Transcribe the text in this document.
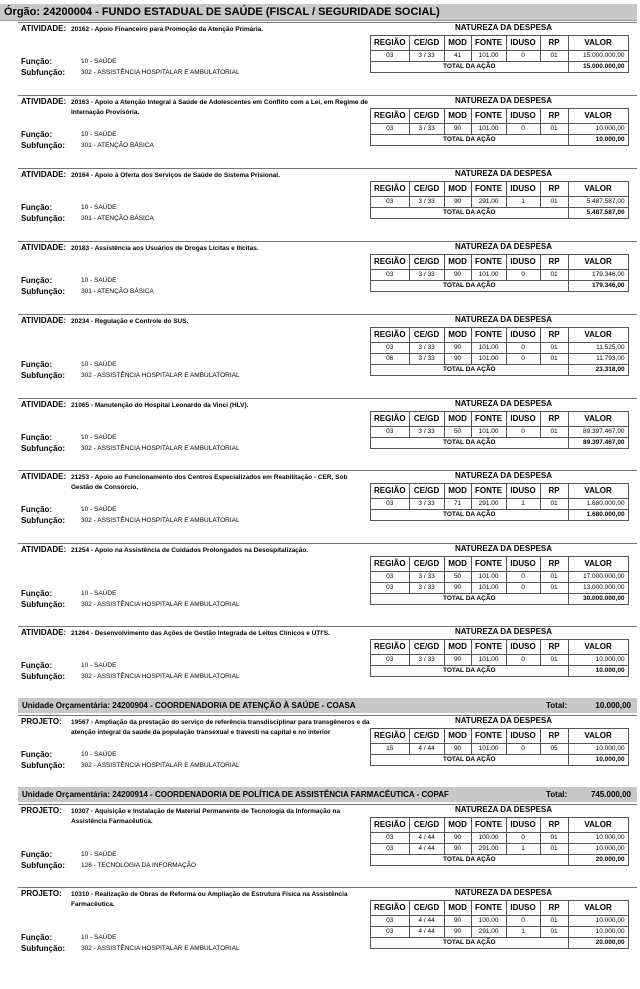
Órgão: 24200004 - FUNDO ESTADUAL DE SAÚDE (FISCAL / SEGURIDADE SOCIAL)
ATIVIDADE: 20162 - Apoio Financeiro para Promoção da Atenção Primária.	NATUREZA DA DESPESA
REGIÃO	CE/GD	MOD	FONTE	IDUSO	RP	VALOR
03	3 / 33	41	101.00	0	01	15.000.000,00
TOTAL DA AÇÃO						15.000.000,00
Função:	10 - SAÚDE
Subfunção: 302 - ASSISTÊNCIA HOSPITALAR E AMBULATORIAL
ATIVIDADE: 20163 - Apoio a Atenção Integral à Saúde de Adolescentes em Conflito com a Lei, em Regime de Internação Provisória.
NATUREZA DA DESPESA
REGIÃO	CE/GD	MOD	FONTE	IDUSO	RP	VALOR
03	3 / 33	90	101.00	0	01	10.000,00
TOTAL DA AÇÃO						10.000,00
Função:	10 - SAÚDE
Subfunção: 301 - ATENÇÃO BÁSICA
ATIVIDADE: 20164 - Apoio à Oferta dos Serviços de Saúde do Sistema Prisional.	NATUREZA DA DESPESA
REGIÃO	CE/GD	MOD	FONTE	IDUSO	RP	VALOR
03	3 / 33	90	291.00	1	01	5.487.587,00
TOTAL DA AÇÃO						5.487.587,00
Função:	10 - SAÚDE
Subfunção: 301 - ATENÇÃO BÁSICA
ATIVIDADE: 20183 - Assistência aos Usuários de Drogas Lícitas e Ilícitas.	NATUREZA DA DESPESA
REGIÃO	CE/GD	MOD	FONTE	IDUSO	RP	VALOR
03	3 / 33	90	101.00	0	01	179.346,00
TOTAL DA AÇÃO						179.346,00
Função:	10 - SAÚDE
Subfunção: 301 - ATENÇÃO BÁSICA
ATIVIDADE: 20234 - Regulação e Controle do SUS.	NATUREZA DA DESPESA
REGIÃO	CE/GD	MOD	FONTE	IDUSO	RP	VALOR
03	3 / 33	90	101.00	0	01	11.525,00
06	3 / 33	90	101.00	0	01	11.793,00
TOTAL DA AÇÃO						23.318,00
Função:	10 - SAÚDE
Subfunção: 302 - ASSISTÊNCIA HOSPITALAR E AMBULATORIAL
ATIVIDADE: 21065 - Manutenção do Hospital Leonardo da Vinci (HLV).	NATUREZA DA DESPESA
REGIÃO	CE/GD	MOD	FONTE	IDUSO	RP	VALOR
03	3 / 33	50	101.00	0	01	89.397.467,00
TOTAL DA AÇÃO						89.397.467,00
Função:	10 - SAÚDE
Subfunção: 302 - ASSISTÊNCIA HOSPITALAR E AMBULATORIAL
ATIVIDADE: 21253 - Apoio ao Funcionamento dos Centros Especializados em Reabilitação - CER, Sob Gestão de Consórcio.
NATUREZA DA DESPESA
REGIÃO	CE/GD	MOD	FONTE	IDUSO	RP	VALOR
03	3 / 33	71	291.00	1	01	1.680.000,00
TOTAL DA AÇÃO						1.680.000,00
Função:	10 - SAÚDE
Subfunção: 302 - ASSISTÊNCIA HOSPITALAR E AMBULATORIAL
ATIVIDADE: 21254 - Apoio na Assistência de Cuidados Prolongados na Desospitalização.	NATUREZA DA DESPESA
REGIÃO	CE/GD	MOD	FONTE	IDUSO	RP	VALOR
03	3 / 33	50	101.00	0	01	17.000.000,00
03	3 / 33	90	101.00	0	01	13.000.000,00
TOTAL DA AÇÃO						30.000.000,00
Função:	10 - SAÚDE
Subfunção: 302 - ASSISTÊNCIA HOSPITALAR E AMBULATORIAL
ATIVIDADE: 21264 - Desenvolvimento das Ações de Gestão Integrada de Leitos Clínicos e UTI'S.	NATUREZA DA DESPESA
REGIÃO	CE/GD	MOD	FONTE	IDUSO	RP	VALOR
03	3 / 33	90	101.00	0	01	10.000,00
TOTAL DA AÇÃO						10.000,00
Função:	10 - SAÚDE
Subfunção: 302 - ASSISTÊNCIA HOSPITALAR E AMBULATORIAL
PROJETO: 19567 - Ampliação da prestação do serviço de referência transdisciplinar para transgêneros e da atenção integral da saúde da população transexual e travesti na capital e no interior
NATUREZA DA DESPESA
REGIÃO	CE/GD	MOD	FONTE	IDUSO	RP	VALOR
15	4 / 44	90	101.00	0	05	10.000,00
TOTAL DA AÇÃO						10.000,00
Função:	10 - SAÚDE
Subfunção: 302 - ASSISTÊNCIA HOSPITALAR E AMBULATORIAL
PROJETO: 10307 - Aquisição e Instalação de Material Permanente de Tecnologia da Informação na Assistência Farmacêutica.
NATUREZA DA DESPESA
REGIÃO	CE/GD	MOD	FONTE	IDUSO	RP	VALOR
03	4 / 44	90	100.00	0	01	10.000,00
03	4 / 44	90	291.00	1	01	10.000,00
TOTAL DA AÇÃO						20.000,00
Função:	10 - SAÚDE
Subfunção: 126 - TECNOLOGIA DA INFORMAÇÃO
PROJETO: 10310 - Realização de Obras de Reforma ou Ampliação de Estrutura Física na Assistência Farmacêutica.
NATUREZA DA DESPESA
REGIÃO	CE/GD	MOD	FONTE	IDUSO	RP	VALOR
03	4 / 44	90	100.00	0	01	10.000,00
03	4 / 44	90	291.00	1	01	10.000,00
TOTAL DA AÇÃO						20.000,00
Função:	10 - SAÚDE
Subfunção: 302 - ASSISTÊNCIA HOSPITALAR E AMBULATORIAL
Unidade Orçamentária: 24200904 - COORDENADORIA DE ATENÇÃO À SAÚDE - COASA	Total:	10.000,00
Unidade Orçamentária: 24200914 - COORDENADORIA DE POLÍTICA DE ASSISTÊNCIA FARMACÊUTICA - COPAF	Total:	745.000,00
